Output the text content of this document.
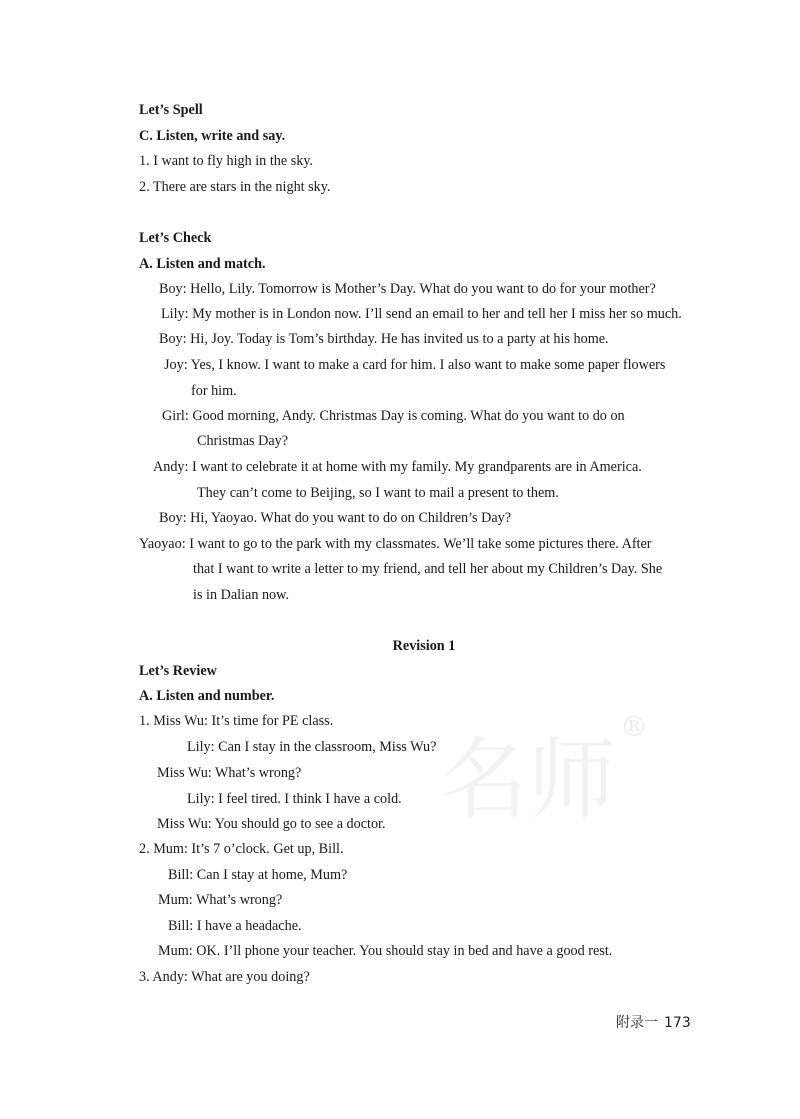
Let’s Spell

C. Listen, write and say.

1. I want to fly high in the sky.

2. There are stars in the night sky.

Let’s Check

A. Listen and match.

Boy: Hello, Lily. Tomorrow is Mother’s Day. What do you want to do for your mother?

Lily: My mother is in London now. I’ll send an email to her and tell her I miss her so much.

Boy: Hi, Joy. Today is Tom’s birthday. He has invited us to a party at his home.

Joy: Yes, I know. I want to make a card for him. I also want to make some paper flowers

for him.

Girl: Good morning, Andy. Christmas Day is coming. What do you want to do on

Christmas Day?

Andy: I want to celebrate it at home with my family. My grandparents are in America.

They can’t come to Beijing, so I want to mail a present to them.

Boy: Hi, Yaoyao. What do you want to do on Children’s Day?

Yaoyao: I want to go to the park with my classmates. We’ll take some pictures there. After

that I want to write a letter to my friend, and tell her about my Children’s Day. She

is in Dalian now.

Revision 1

Let’s Review

A. Listen and number.

1. Miss Wu: It’s time for PE class.

Lily: Can I stay in the classroom, Miss Wu?

Miss Wu: What’s wrong?

Lily: I feel tired. I think I have a cold.

Miss Wu: You should go to see a doctor.

2. Mum: It’s 7 o’clock. Get up, Bill.

Bill: Can I stay at home, Mum?

Mum: What’s wrong?

Bill: I have a headache.

Mum: OK. I’ll phone your teacher. You should stay in bed and have a good rest.

3. Andy: What are you doing?

名师®
附录一 173
